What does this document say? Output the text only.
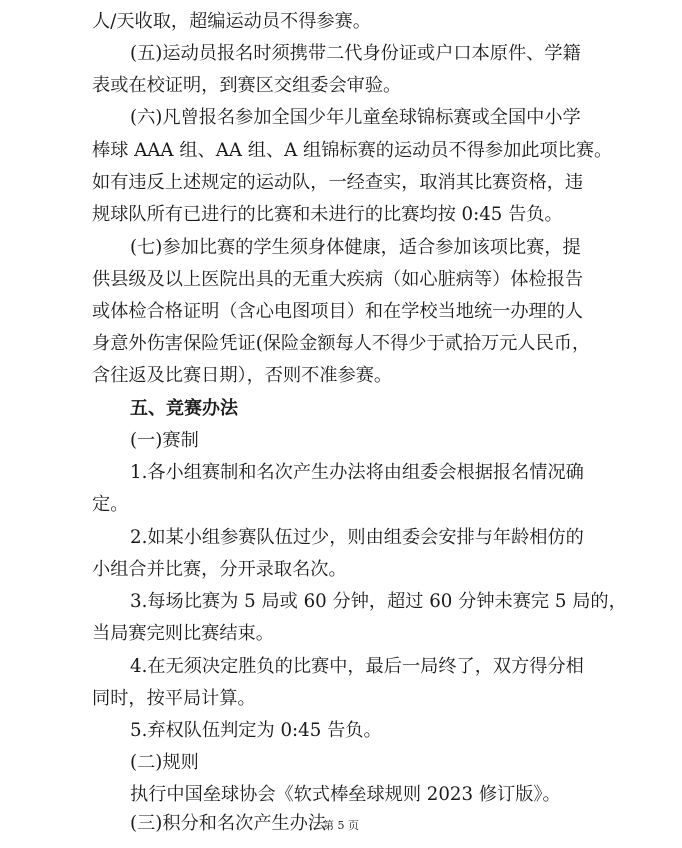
人/天收取，超编运动员不得参赛。
(五)运动员报名时须携带二代身份证或户口本原件、学籍
表或在校证明，到赛区交组委会审验。
(六)凡曾报名参加全国少年儿童垒球锦标赛或全国中小学
棒球 AAA 组、AA 组、A 组锦标赛的运动员不得参加此项比赛。
如有违反上述规定的运动队，一经查实，取消其比赛资格，违
规球队所有已进行的比赛和未进行的比赛均按 0:45 告负。
(七)参加比赛的学生须身体健康，适合参加该项比赛，提
供县级及以上医院出具的无重大疾病（如心脏病等）体检报告
或体检合格证明（含心电图项目）和在学校当地统一办理的人
身意外伤害保险凭证(保险金额每人不得少于贰拾万元人民币，
含往返及比赛日期），否则不准参赛。
五、竞赛办法
(一)赛制
1.各小组赛制和名次产生办法将由组委会根据报名情况确
定。
2.如某小组参赛队伍过少，则由组委会安排与年龄相仿的
小组合并比赛，分开录取名次。
3.每场比赛为 5 局或 60 分钟，超过 60 分钟未赛完 5 局的，
当局赛完则比赛结束。
4.在无须决定胜负的比赛中，最后一局终了，双方得分相
同时，按平局计算。
5.弃权队伍判定为 0:45 告负。
(二)规则
执行中国垒球协会《软式棒垒球规则 2023 修订版》。
(三)积分和名次产生办法
第 5 页
